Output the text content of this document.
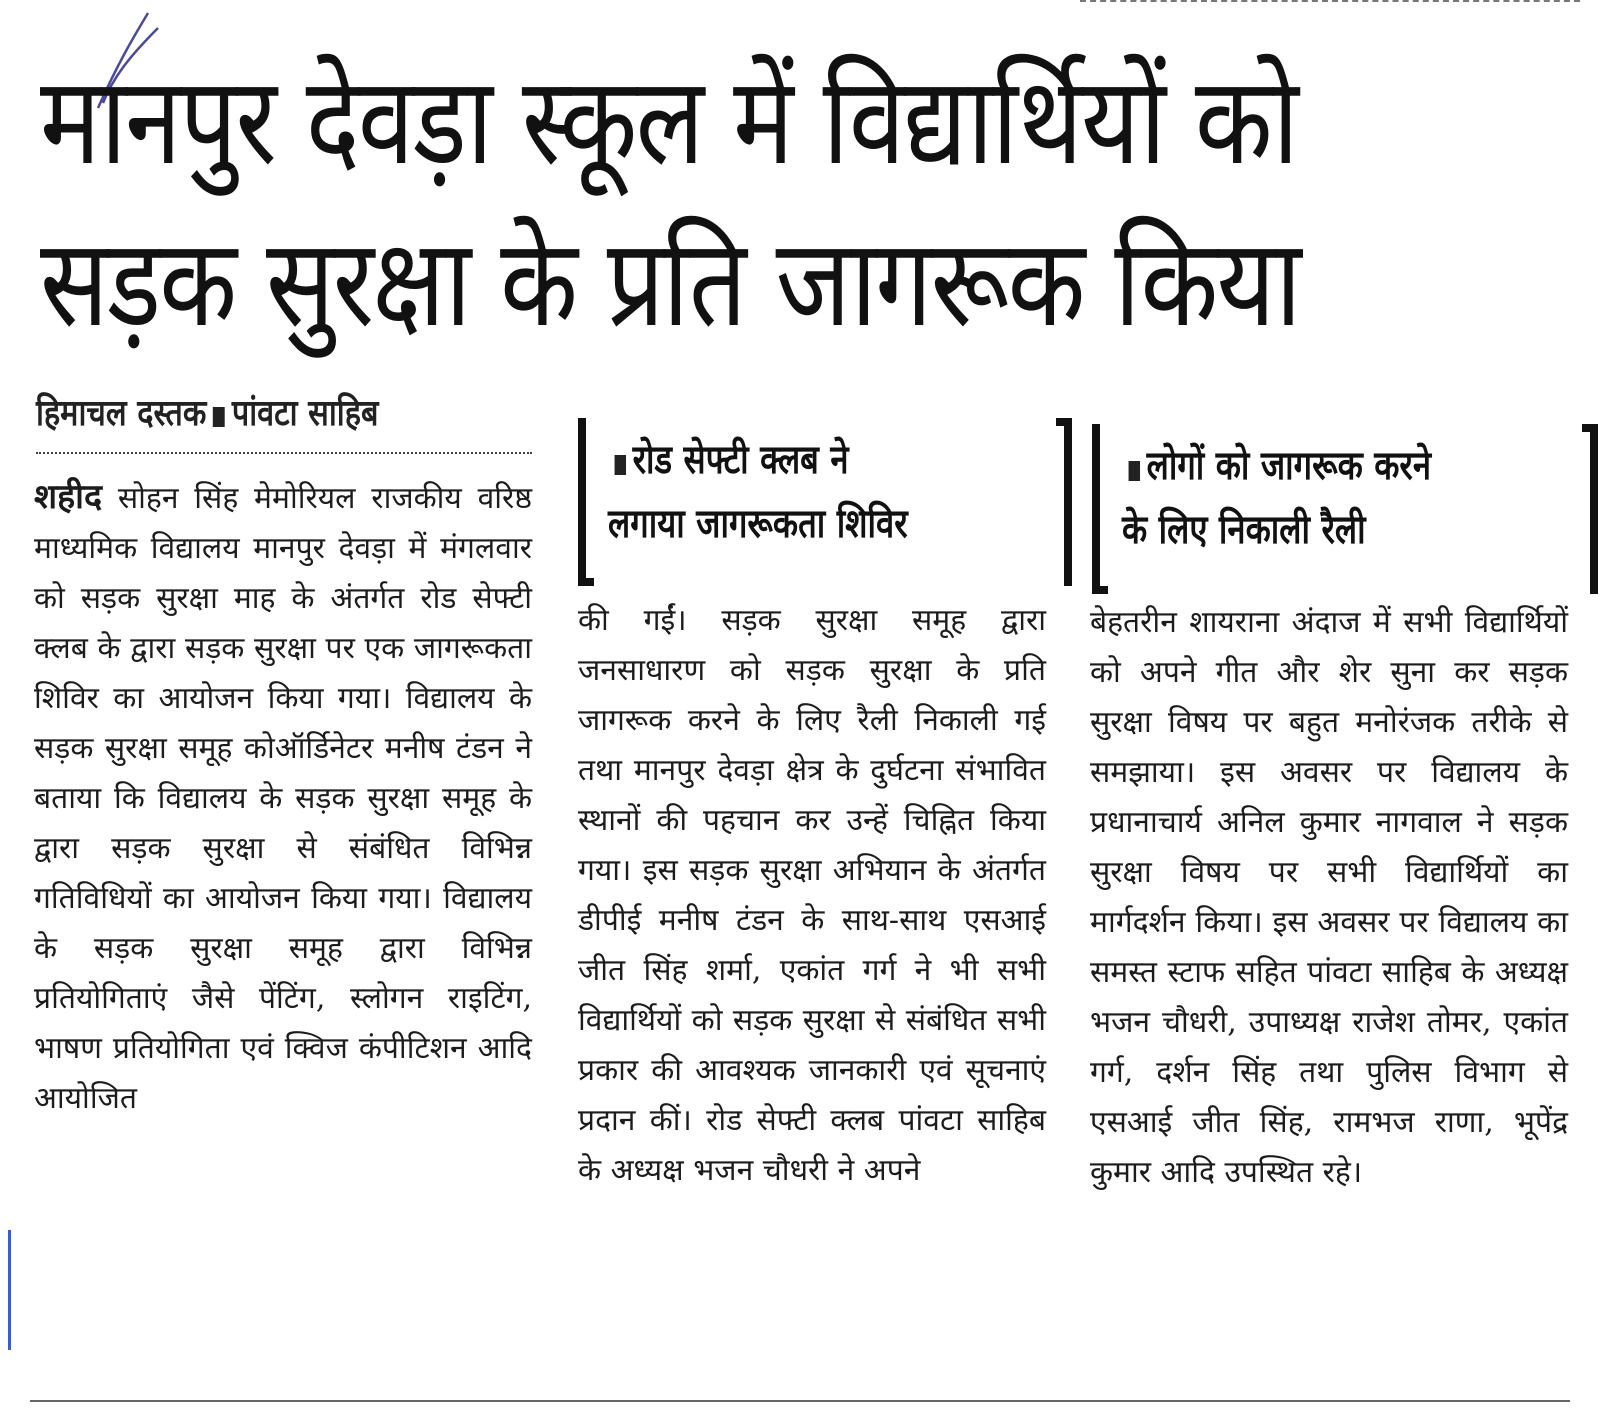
मानपुर देवड़ा स्कूल में विद्यार्थियों को
सड़क सुरक्षा के प्रति जागरूक किया
हिमाचल दस्तक पांवटा साहिब
शहीद सोहन सिंह मेमोरियल राजकीय वरिष्ठ माध्यमिक विद्यालय मानपुर देवड़ा में मंगलवार को सड़क सुरक्षा माह के अंतर्गत रोड सेफ्टी क्लब के द्वारा सड़क सुरक्षा पर एक जागरूकता शिविर का आयोजन किया गया। विद्यालय के सड़क सुरक्षा समूह कोऑर्डिनेटर मनीष टंडन ने बताया कि विद्यालय के सड़क सुरक्षा समूह के द्वारा सड़क सुरक्षा से संबंधित विभिन्न गतिविधियों का आयोजन किया गया। विद्यालय के सड़क सुरक्षा समूह द्वारा विभिन्न प्रतियोगिताएं जैसे पेंटिंग, स्लोगन राइटिंग, भाषण प्रतियोगिता एवं क्विज कंपीटिशन आदि आयोजित
रोड सेफ्टी क्लब ने
लगाया जागरूकता शिविर
की गईं। सड़क सुरक्षा समूह द्वारा जनसाधारण को सड़क सुरक्षा के प्रति जागरूक करने के लिए रैली निकाली गई तथा मानपुर देवड़ा क्षेत्र के दुर्घटना संभावित स्थानों की पहचान कर उन्हें चिह्नित किया गया। इस सड़क सुरक्षा अभियान के अंतर्गत डीपीई मनीष टंडन के साथ-साथ एसआई जीत सिंह शर्मा, एकांत गर्ग ने भी सभी विद्यार्थियों को सड़क सुरक्षा से संबंधित सभी प्रकार की आवश्यक जानकारी एवं सूचनाएं प्रदान कीं। रोड सेफ्टी क्लब पांवटा साहिब के अध्यक्ष भजन चौधरी ने अपने
लोगों को जागरूक करने
के लिए निकाली रैली
बेहतरीन शायराना अंदाज में सभी विद्यार्थियों को अपने गीत और शेर सुना कर सड़क सुरक्षा विषय पर बहुत मनोरंजक तरीके से समझाया। इस अवसर पर विद्यालय के प्रधानाचार्य अनिल कुमार नागवाल ने सड़क सुरक्षा विषय पर सभी विद्यार्थियों का मार्गदर्शन किया। इस अवसर पर विद्यालय का समस्त स्टाफ सहित पांवटा साहिब के अध्यक्ष भजन चौधरी, उपाध्यक्ष राजेश तोमर, एकांत गर्ग, दर्शन सिंह तथा पुलिस विभाग से एसआई जीत सिंह, रामभज राणा, भूपेंद्र कुमार आदि उपस्थित रहे।
